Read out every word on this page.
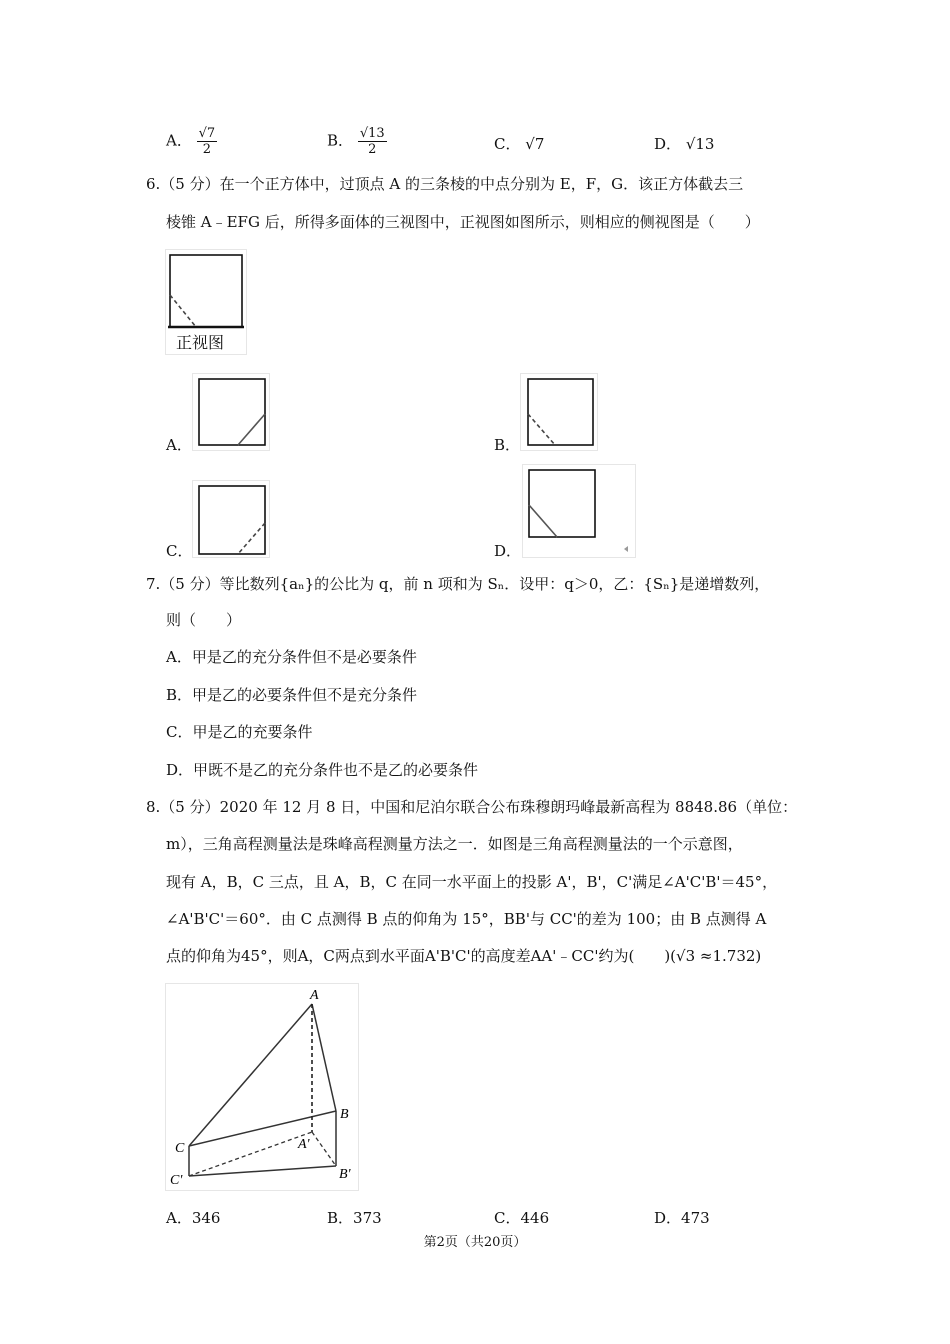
A． $\frac{√7}{2}$	B． $\frac{√13}{2}$	C． √7	D． √13
6.（5 分）在一个正方体中，过顶点 A 的三条棱的中点分别为 E，F，G．该正方体截去三
棱锥 A﹣EFG 后，所得多面体的三视图中，正视图如图所示，则相应的侧视图是（　　）
正视图
A．	B．
C．	D．
7.（5 分）等比数列{aₙ}的公比为 q，前 n 项和为 Sₙ．设甲：q＞0，乙：{Sₙ}是递增数列，
则（　　）
A．甲是乙的充分条件但不是必要条件
B．甲是乙的必要条件但不是充分条件
C．甲是乙的充要条件
D．甲既不是乙的充分条件也不是乙的必要条件
8.（5 分）2020 年 12 月 8 日，中国和尼泊尔联合公布珠穆朗玛峰最新高程为 8848.86（单位：
m），三角高程测量法是珠峰高程测量方法之一．如图是三角高程测量法的一个示意图，
现有 A，B，C 三点，且 A，B，C 在同一水平面上的投影 A'，B'，C'满足∠A'C'B'＝45°，
∠A'B'C'＝60°．由 C 点测得 B 点的仰角为 15°，BB'与 CC'的差为 100；由 B 点测得 A
点的仰角为45°，则A，C两点到水平面A'B'C'的高度差AA'﹣CC'约为(　　)(√3 ≈1.732)
A
B
C	A'
B'
C'
A．346	B．373	C．446	D．473
第2页（共20页）
